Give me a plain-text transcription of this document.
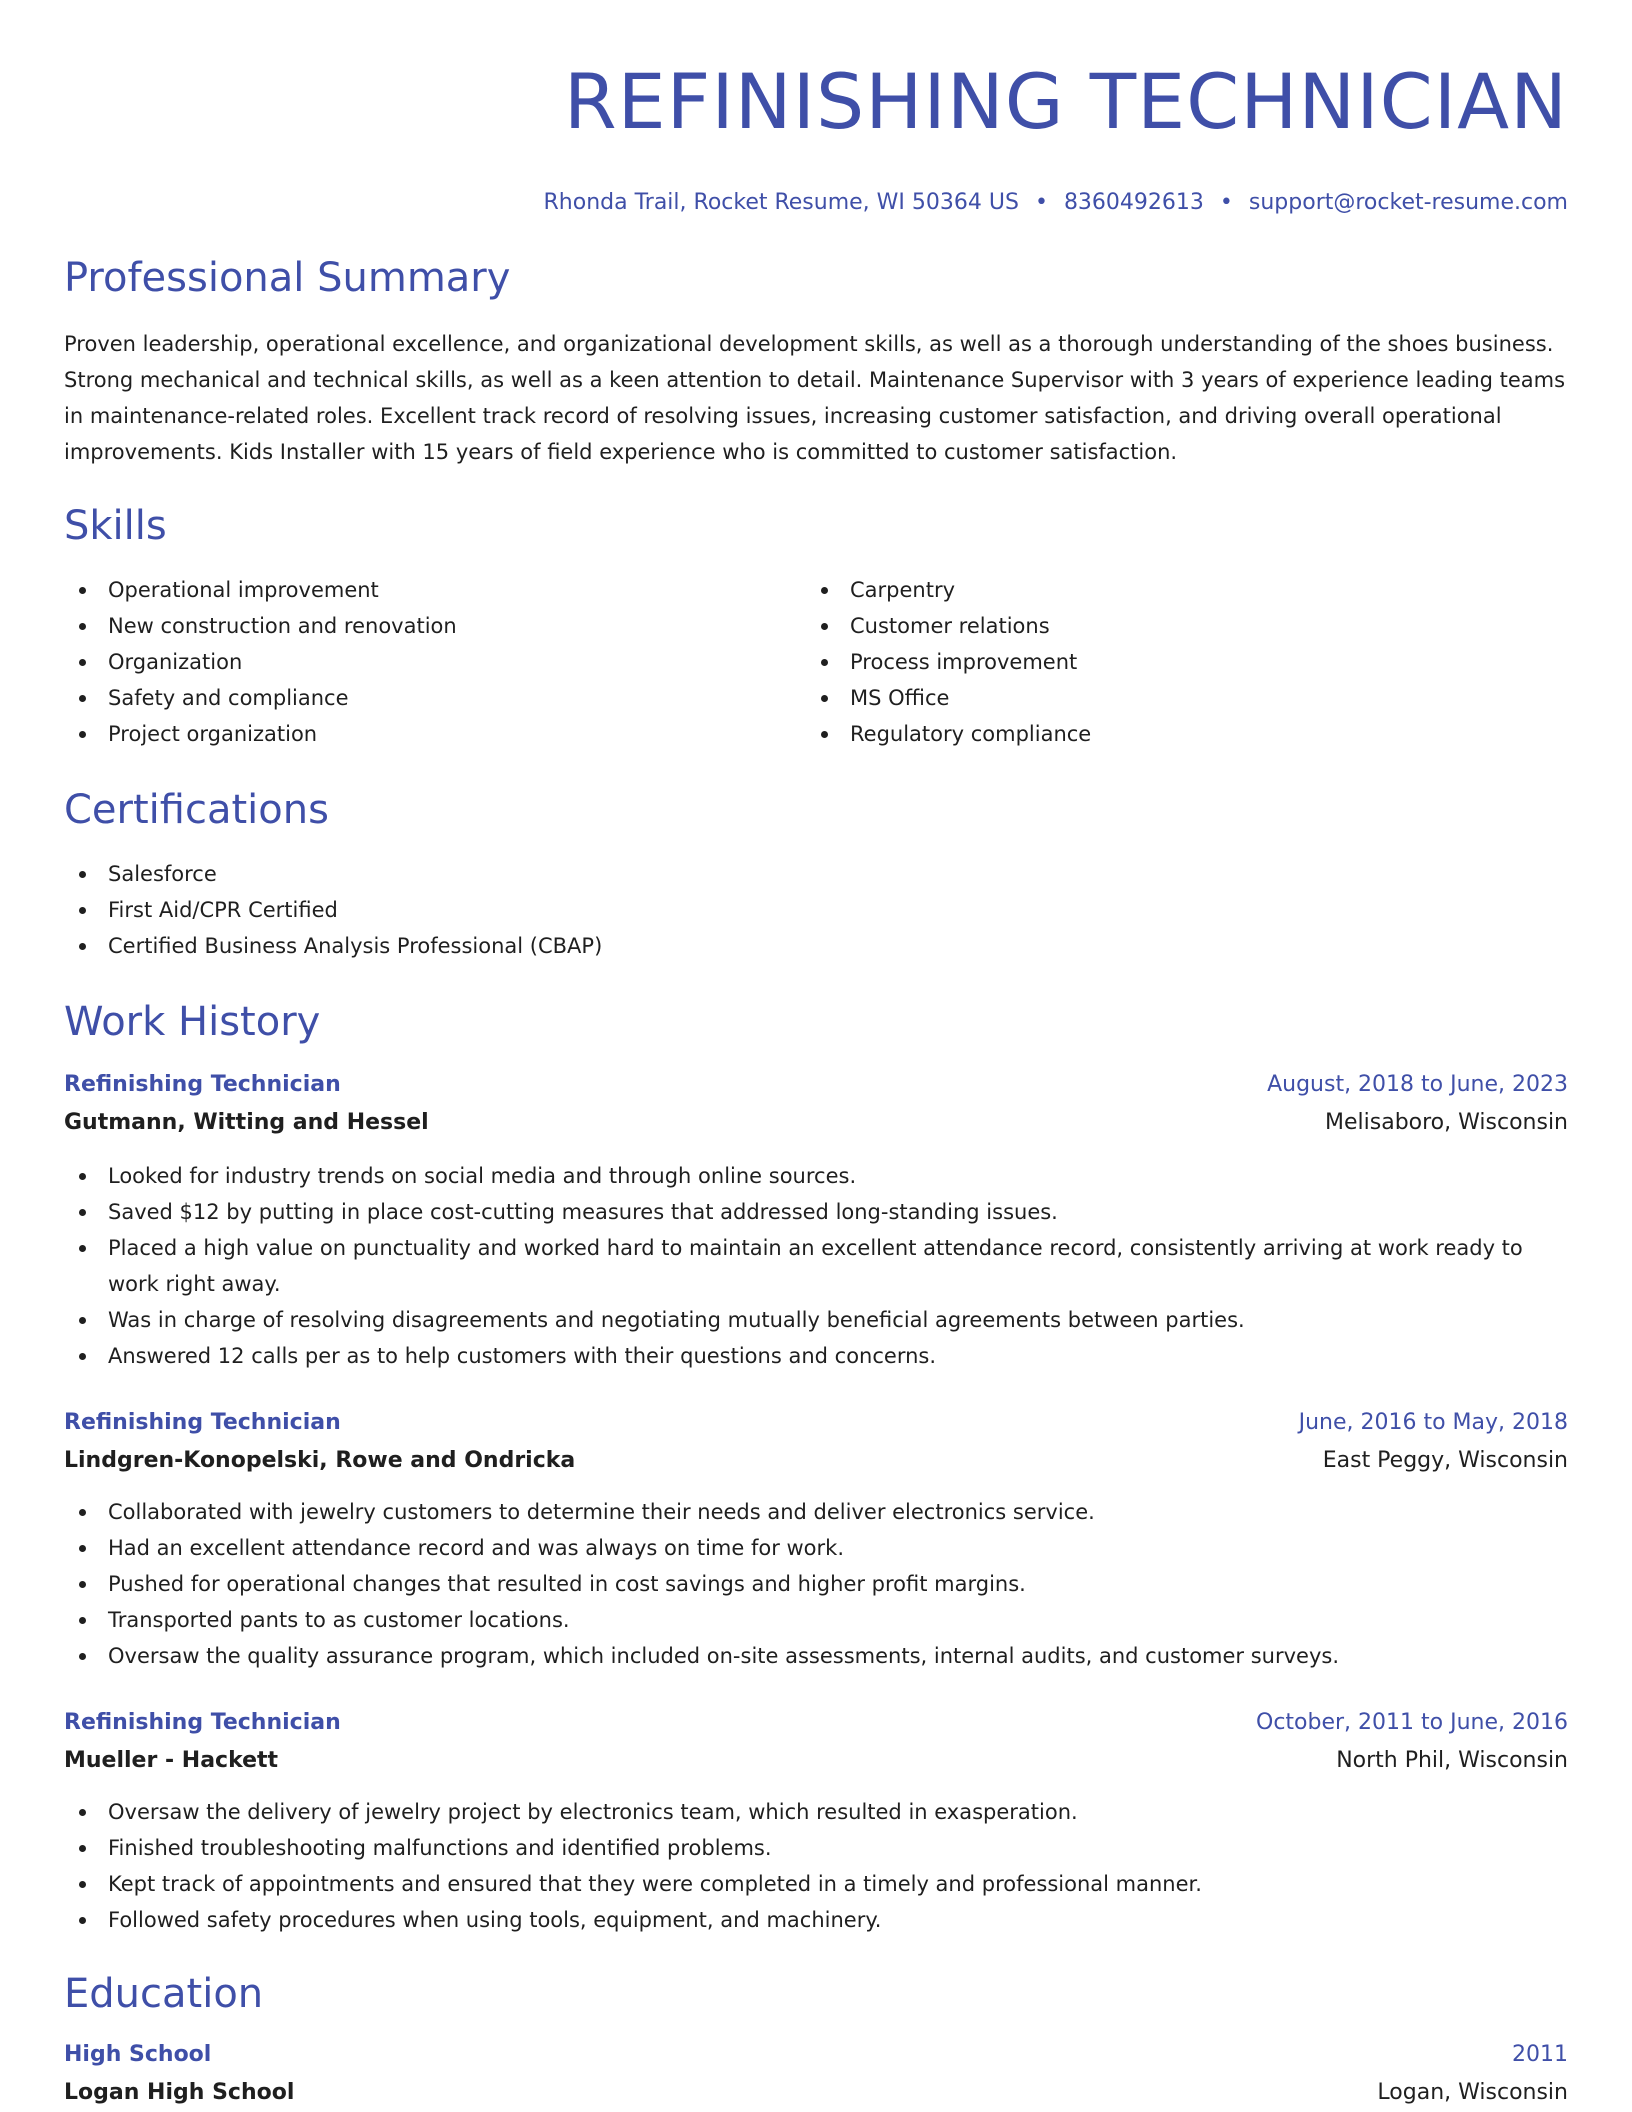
REFINISHING TECHNICIAN
Rhonda Trail, Rocket Resume, WI 50364 US • 8360492613 • support@rocket-resume.com
Professional Summary

Proven leadership, operational excellence, and organizational development skills, as well as a thorough understanding of the shoes business. Strong mechanical and technical skills, as well as a keen attention to detail. Maintenance Supervisor with 3 years of experience leading teams in maintenance-related roles. Excellent track record of resolving issues, increasing customer satisfaction, and driving overall operational improvements. Kids Installer with 15 years of field experience who is committed to customer satisfaction.

Skills
Operational improvement
New construction and renovation
Organization
Safety and compliance
Project organization
Carpentry
Customer relations
Process improvement
MS Office
Regulatory compliance
Certifications
Salesforce
First Aid/CPR Certified
Certified Business Analysis Professional (CBAP)
Work History
Refinishing Technician	August, 2018 to June, 2023
Gutmann, Witting and Hessel	Melisaboro, Wisconsin
Looked for industry trends on social media and through online sources.
Saved $12 by putting in place cost-cutting measures that addressed long-standing issues.
Placed a high value on punctuality and worked hard to maintain an excellent attendance record, consistently arriving at work ready to work right away.
Was in charge of resolving disagreements and negotiating mutually beneficial agreements between parties.
Answered 12 calls per as to help customers with their questions and concerns.
Refinishing Technician	June, 2016 to May, 2018
Lindgren-Konopelski, Rowe and Ondricka	East Peggy, Wisconsin
Collaborated with jewelry customers to determine their needs and deliver electronics service.
Had an excellent attendance record and was always on time for work.
Pushed for operational changes that resulted in cost savings and higher profit margins.
Transported pants to as customer locations.
Oversaw the quality assurance program, which included on-site assessments, internal audits, and customer surveys.
Refinishing Technician	October, 2011 to June, 2016
Mueller - Hackett	North Phil, Wisconsin
Oversaw the delivery of jewelry project by electronics team, which resulted in exasperation.
Finished troubleshooting malfunctions and identified problems.
Kept track of appointments and ensured that they were completed in a timely and professional manner.
Followed safety procedures when using tools, equipment, and machinery.
Education
High School	2011
Logan High School	Logan, Wisconsin
